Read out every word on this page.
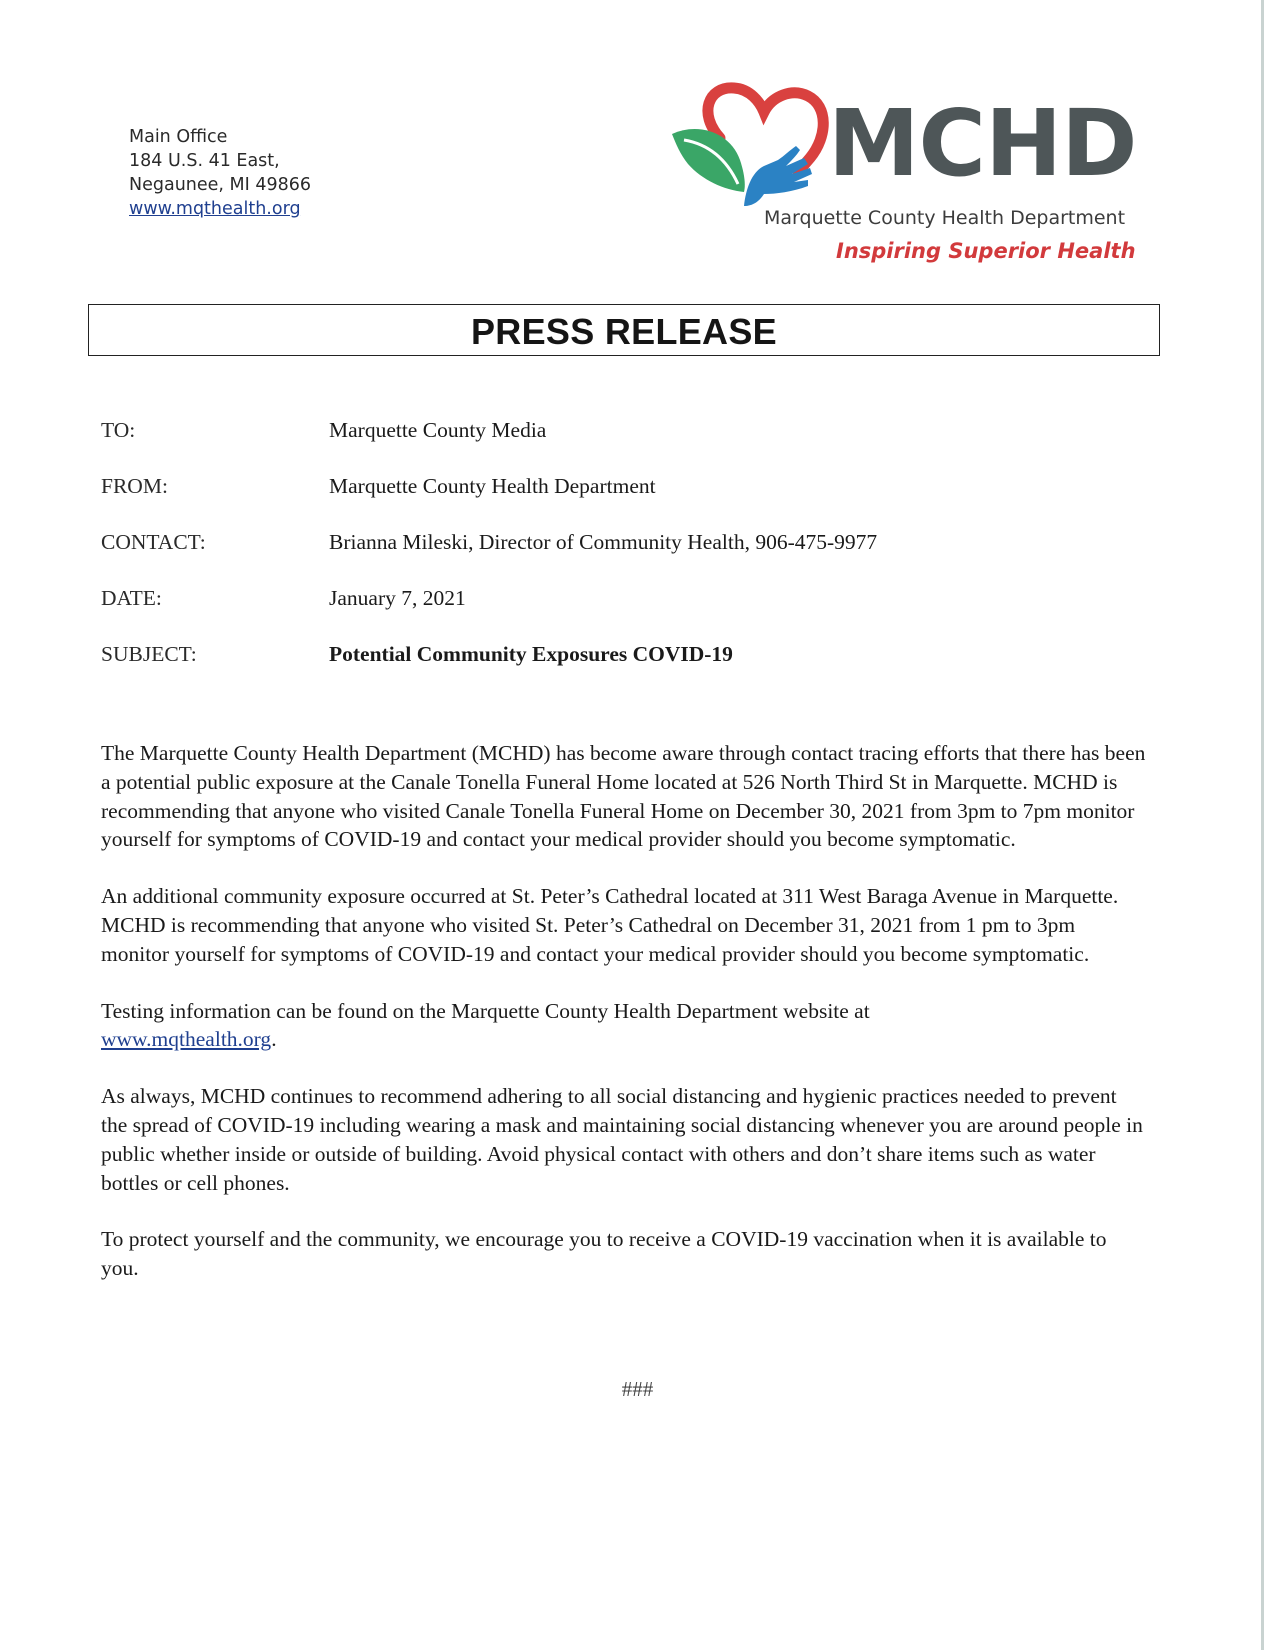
Main Office
184 U.S. 41 East,
Negaunee, MI 49866
www.mqthealth.org
MCHD
Marquette County Health Department
Inspiring Superior Health
PRESS RELEASE
TO:	Marquette County Media
FROM:	Marquette County Health Department
CONTACT:	Brianna Mileski, Director of Community Health, 906-475-9977
DATE:	January 7, 2021
SUBJECT:	Potential Community Exposures COVID-19

The Marquette County Health Department (MCHD) has become aware through contact tracing efforts that there has been a potential public exposure at the Canale Tonella Funeral Home located at 526 North Third St in Marquette. MCHD is recommending that anyone who visited Canale Tonella Funeral Home on December 30, 2021 from 3pm to 7pm monitor yourself for symptoms of COVID-19 and contact your medical provider should you become symptomatic.

An additional community exposure occurred at St. Peter’s Cathedral located at 311 West Baraga Avenue in Marquette. MCHD is recommending that anyone who visited St. Peter’s Cathedral on December 31, 2021 from 1 pm to 3pm monitor yourself for symptoms of COVID-19 and contact your medical provider should you become symptomatic.

Testing information can be found on the Marquette County Health Department website at
www.mqthealth.org.

As always, MCHD continues to recommend adhering to all social distancing and hygienic practices needed to prevent the spread of COVID-19 including wearing a mask and maintaining social distancing whenever you are around people in public whether inside or outside of building. Avoid physical contact with others and don’t share items such as water bottles or cell phones.

To protect yourself and the community, we encourage you to receive a COVID-19 vaccination when it is available to you.

###
